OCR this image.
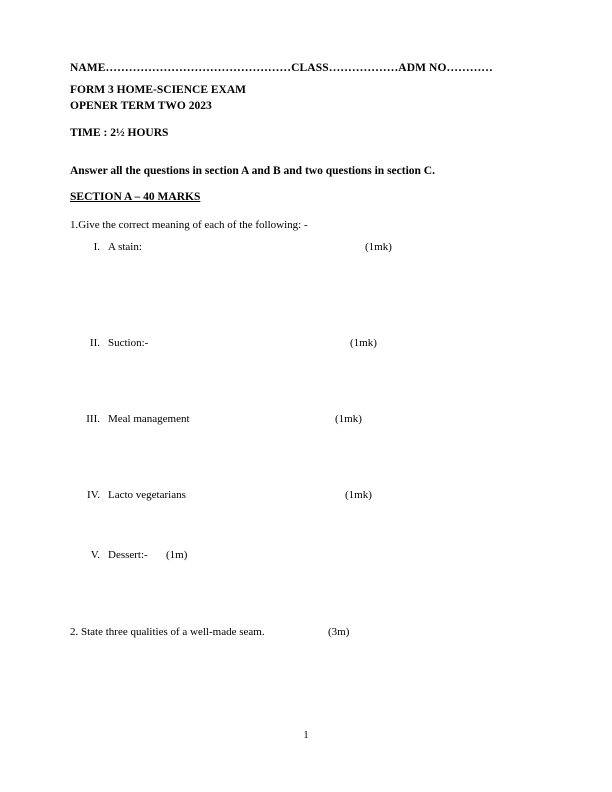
NAME…………………………………………CLASS………………ADM NO…………
FORM 3 HOME-SCIENCE EXAM
OPENER TERM TWO 2023
TIME : 2½ HOURS
Answer all the questions in section A and B and two questions in section C.
SECTION A – 40 MARKS
1.Give the correct meaning of each of the following: -
I. A stain:	(1mk)
II. Suction:-	(1mk)
III. Meal management	(1mk)
IV. Lacto vegetarians	(1mk)
V. Dessert:- (1m)
2. State three qualities of a well-made seam.	(3m)
1
